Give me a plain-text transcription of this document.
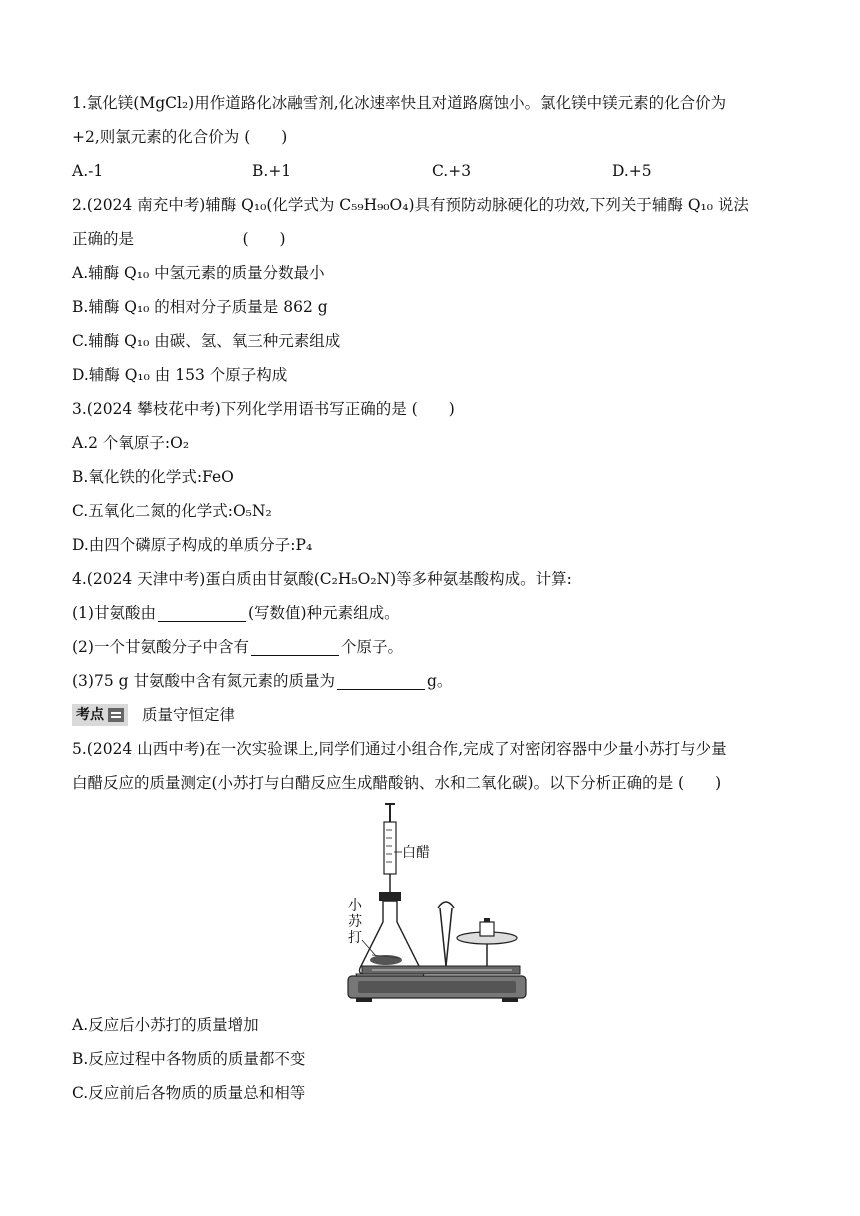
1.氯化镁(MgCl₂)用作道路化冰融雪剂,化冰速率快且对道路腐蚀小。氯化镁中镁元素的化合价为
+2,则氯元素的化合价为 (　　)
A.-1	B.+1	C.+3	D.+5
2.(2024 南充中考)辅酶 Q₁₀(化学式为 C₅₉H₉₀O₄)具有预防动脉硬化的功效,下列关于辅酶 Q₁₀ 说法
正确的是　　　　　　　(　　)
A.辅酶 Q₁₀ 中氢元素的质量分数最小
B.辅酶 Q₁₀ 的相对分子质量是 862 g
C.辅酶 Q₁₀ 由碳、氢、氧三种元素组成
D.辅酶 Q₁₀ 由 153 个原子构成
3.(2024 攀枝花中考)下列化学用语书写正确的是 (　　)
A.2 个氧原子:O₂
B.氧化铁的化学式:FeO
C.五氧化二氮的化学式:O₅N₂
D.由四个磷原子构成的单质分子:P₄
4.(2024 天津中考)蛋白质由甘氨酸(C₂H₅O₂N)等多种氨基酸构成。计算:
(1)甘氨酸由	(写数值)种元素组成。
(2)一个甘氨酸分子中含有	个原子。
(3)75 g 甘氨酸中含有氮元素的质量为	g。
考点 质量守恒定律
5.(2024 山西中考)在一次实验课上,同学们通过小组合作,完成了对密闭容器中少量小苏打与少量
白醋反应的质量测定(小苏打与白醋反应生成醋酸钠、水和二氧化碳)。以下分析正确的是 (　　)
白醋
小
苏
打
A.反应后小苏打的质量增加
B.反应过程中各物质的质量都不变
C.反应前后各物质的质量总和相等
